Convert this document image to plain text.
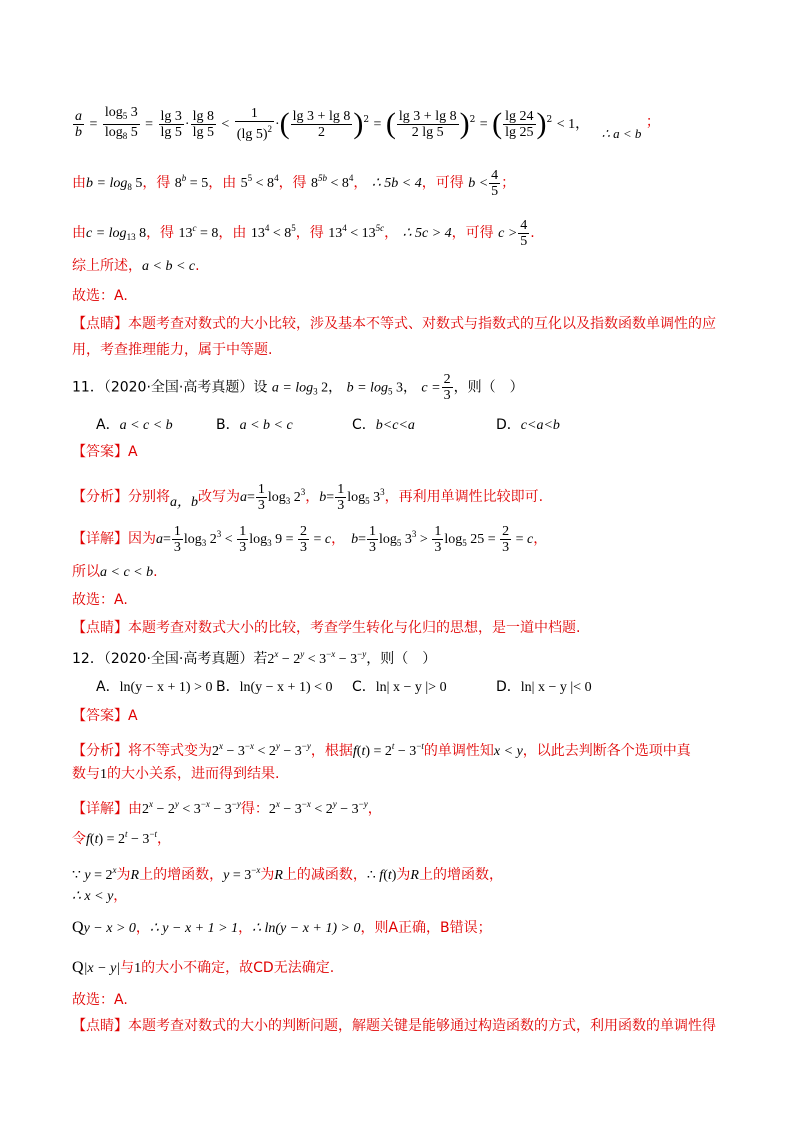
$\frac{a}{b} = \frac{\log_5 3}{\log_8 5} = \frac{\lg 3}{\lg 5} \cdot \frac{\lg 8}{\lg 5} < \frac{1}{(\lg 5)^2}$ ·( $\frac{\lg 3 + \lg 8}{2} )^2$ = ( $\frac{\lg 3 + \lg 8}{2 \lg 5} )^2$ = ( $\frac{\lg 24}{\lg 25} )^2 < 1$， ∴ a < b ；
由$b = \log_8 5$，得 $8^b = 5$，由 $5^5 < 8^4$，得 $8^{5b} < 8^4$， ∴ 5b < 4，可得 $b < \frac{4}{5}$ ；
由$c = \log_{13} 8$，得 $13^c = 8$，由 $13^4 < 8^5$，得 $13^4 < 13^{5c}$， ∴ 5c > 4，可得 $c > \frac{4}{5}$ .
综上所述，a < b < c.
故选：A.
【点睛】本题考查对数式的大小比较，涉及基本不等式、对数式与指数式的互化以及指数函数单调性的应
用，考查推理能力，属于中等题.
11．（2020·全国·高考真题）设 $a = \log_3 2$， $b = \log_5 3$， $c = \frac{2}{3}$ ，则（　）
A．a < c < b	B．a < b < c	C．b<c<a	D．c<a<b
【答案】A
【分析】分别将a，b改写为$a= \frac{1}{3} \log_3 2^3$，$b= \frac{1}{3} \log_5 3^3$，再利用单调性比较即可.
【详解】因为$a= \frac{1}{3} \log_3 2^3 < \frac{1}{3} \log_3 9 = \frac{2}{3} = c$， $b= \frac{1}{3} \log_5 3^3 > \frac{1}{3} \log_5 25 = \frac{2}{3} = c$，
所以a < c < b.
故选：A.
【点睛】本题考查对数式大小的比较，考查学生转化与化归的思想，是一道中档题.
12．（2020·全国·高考真题）若$2^x - 2^y < 3^{-x} - 3^{-y}$，则（　）
A．ln(y − x + 1) > 0 B．ln(y − x + 1) < 0 C．ln| x − y |> 0	D．ln| x − y |< 0
【答案】A
【分析】将不等式变为$2^x - 3^{-x} < 2^y - 3^{-y}$，根据$f(t) = 2^t - 3^{-t}$的单调性知x < y，以此去判断各个选项中真
数与1的大小关系，进而得到结果.
【详解】由$2^x - 2^y < 3^{-x} - 3^{-y}$得：$2^x - 3^{-x} < 2^y - 3^{-y}$，
令$f(t) = 2^t - 3^{-t}$，
∵ $y = 2^x$为R上的增函数，$y = 3^{-x}$为R上的减函数，∴ f(t)为R上的增函数，
∴ x < y，
Qy − x > 0，∴ y − x + 1 > 1，∴ ln(y − x + 1) > 0，则A正确，B错误；
Q|x − y|与1的大小不确定，故CD无法确定.
故选：A.
【点睛】本题考查对数式的大小的判断问题，解题关键是能够通过构造函数的方式，利用函数的单调性得
